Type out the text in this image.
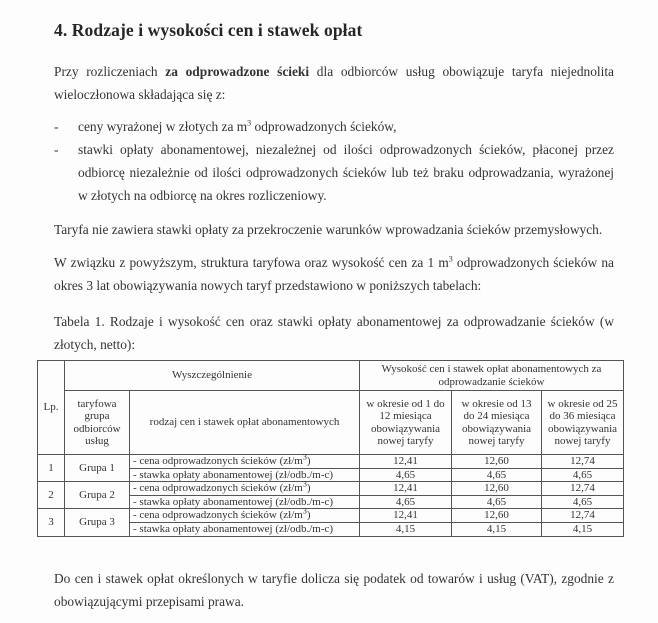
4. Rodzaje i wysokości cen i stawek opłat

Przy rozliczeniach za odprowadzone ścieki dla odbiorców usług obowiązuje taryfa niejednolita wieloczłonowa składająca się z:

- ceny wyrażonej w złotych za $m^3$ odprowadzonych ścieków,
- stawki opłaty abonamentowej, niezależnej od ilości odprowadzonych ścieków, płaconej przez odbiorcę niezależnie od ilości odprowadzonych ścieków lub też braku odprowadzania, wyrażonej w złotych na odbiorcę na okres rozliczeniowy.

Taryfa nie zawiera stawki opłaty za przekroczenie warunków wprowadzania ścieków przemysłowych.

W związku z powyższym, struktura taryfowa oraz wysokość cen za 1 $m^3$ odprowadzonych ścieków na okres 3 lat obowiązywania nowych taryf przedstawiono w poniższych tabelach:

Tabela 1. Rodzaje i wysokość cen oraz stawki opłaty abonamentowej za odprowadzanie ścieków (w złotych, netto):

Lp.	Wyszczególnienie		Wysokość cen i stawek opłat abonamentowych za odprowadzanie ścieków		
	taryfowa grupa odbiorców usług	rodzaj cen i stawek opłat abonamentowych	w okresie od 1 do 12 miesiąca obowiązywania nowej taryfy	w okresie od 13 do 24 miesiąca obowiązywania nowej taryfy	w okresie od 25 do 36 miesiąca obowiązywania nowej taryfy
1	Grupa 1	- cena odprowadzonych ścieków $(zł/m^3)$	12,41	12,60	12,74
		- stawka opłaty abonamentowej (zł/odb./m-c)	4,65	4,65	4,65
2	Grupa 2	- cena odprowadzonych ścieków $(zł/m^3)$	12,41	12,60	12,74
		- stawka opłaty abonamentowej (zł/odb./m-c)	4,65	4,65	4,65
3	Grupa 3	- cena odprowadzonych ścieków $(zł/m^3)$	12,41	12,60	12,74
		- stawka opłaty abonamentowej (zł/odb./m-c)	4,15	4,15	4,15

Do cen i stawek opłat określonych w taryfie dolicza się podatek od towarów i usług (VAT), zgodnie z obowiązującymi przepisami prawa.
